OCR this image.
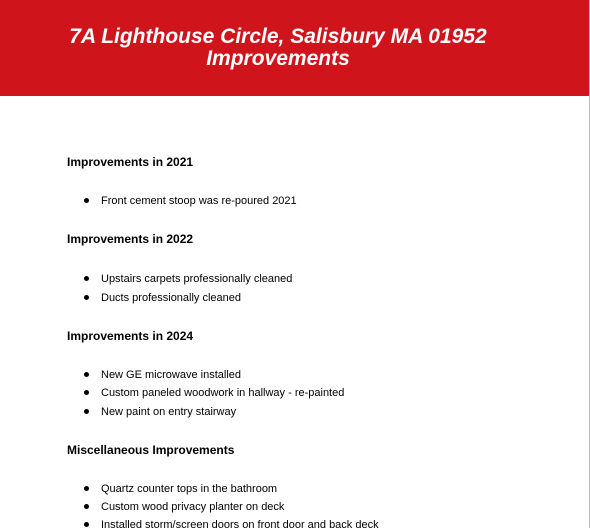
7A Lighthouse Circle, Salisbury MA 01952
Improvements
Improvements in 2021
Front cement stoop was re-poured 2021
Improvements in 2022
Upstairs carpets professionally cleaned
Ducts professionally cleaned
Improvements in 2024
New GE microwave installed
Custom paneled woodwork in hallway - re-painted
New paint on entry stairway
Miscellaneous Improvements
Quartz counter tops in the bathroom
Custom wood privacy planter on deck
Installed storm/screen doors on front door and back deck
